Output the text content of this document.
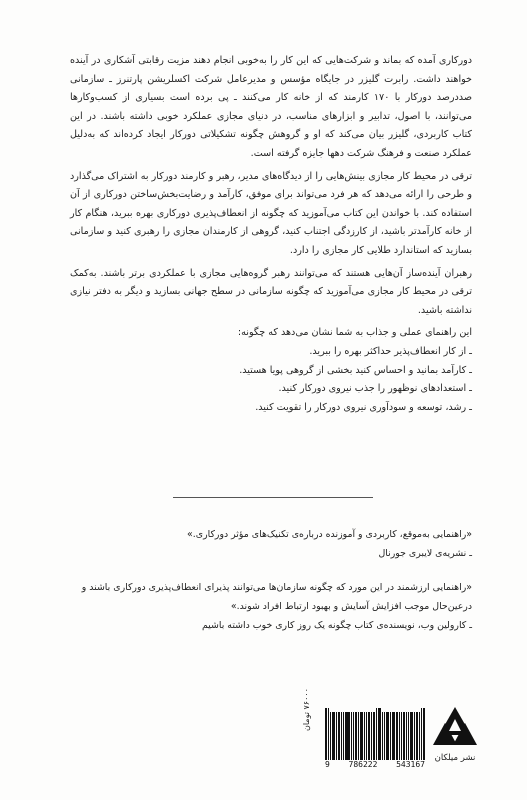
دورکاری آمده که بماند و شرکت‌هایی که این کار را به‌خوبی انجام دهند مزیت رقابتی آشکاری در آینده خواهند داشت. رابرت گلیزر در جایگاه مؤسس و مدیرعامل شرکت اکسلریشن پارتنرز ـ سازمانی صددرصد دورکار با ۱۷۰ کارمند که از خانه کار می‌کنند ـ پی برده است بسیاری از کسب‌وکارها می‌توانند، با اصول، تدابیر و ابزارهای مناسب، در دنیای مجازی عملکرد خوبی داشته باشند. در این کتاب کاربردی، گلیزر بیان می‌کند که او و گروهش چگونه تشکیلاتی دورکار ایجاد کرده‌اند که به‌دلیل عملکرد صنعت و فرهنگ شرکت دهها جایزه گرفته است.

ترقی در محیط کار مجازی بینش‌هایی را از دیدگاه‌های مدیر، رهبر و کارمند دورکار به اشتراک می‌گذارد و طرحی را ارائه می‌دهد که هر فرد می‌تواند برای موفق، کارآمد و رضایت‌بخش‌ساختن دورکاری از آن استفاده کند. با خواندن این کتاب می‌آموزید که چگونه از انعطاف‌پذیری دورکاری بهره ببرید، هنگام کار از خانه کارآمدتر باشید، از کارزدگی اجتناب کنید، گروهی از کارمندان مجازی را رهبری کنید و سازمانی بسازید که استاندارد طلایی کار مجازی را دارد.

رهبران آینده‌ساز آن‌هایی هستند که می‌توانند رهبر گروه‌هایی مجازی با عملکردی برتر باشند. به‌کمک ترقی در محیط کار مجازی می‌آموزید که چگونه سازمانی در سطح جهانی بسازید و دیگر به دفتر نیازی نداشته باشید.

این راهنمای عملی و جذاب به شما نشان می‌دهد که چگونه:

ـ از کار انعطاف‌پذیر حداکثر بهره را ببرید.
ـ کارآمد بمانید و احساس کنید بخشی از گروهی پویا هستید.
ـ استعدادهای نوظهور را جذب نیروی دورکار کنید.
ـ رشد، توسعه و سودآوری نیروی دورکار را تقویت کنید.
«راهنمایی به‌موقع، کاربردی و آموزنده درباره‌ی تکنیک‌های مؤثر دورکاری.»
ـ نشریه‌ی لایبری جورنال
«راهنمایی ارزشمند در این مورد که چگونه سازمان‌ها می‌توانند پذیرای انعطاف‌پذیری دورکاری باشند و درعین‌حال موجب افزایش آسایش و بهبود ارتباط افراد شوند.»
ـ کارولین وب، نویسنده‌ی کتاب چگونه یک روز کاری خوب داشته باشیم
۷۶۰۰۰ تومان
9 786222 543167
نشر میلکان
